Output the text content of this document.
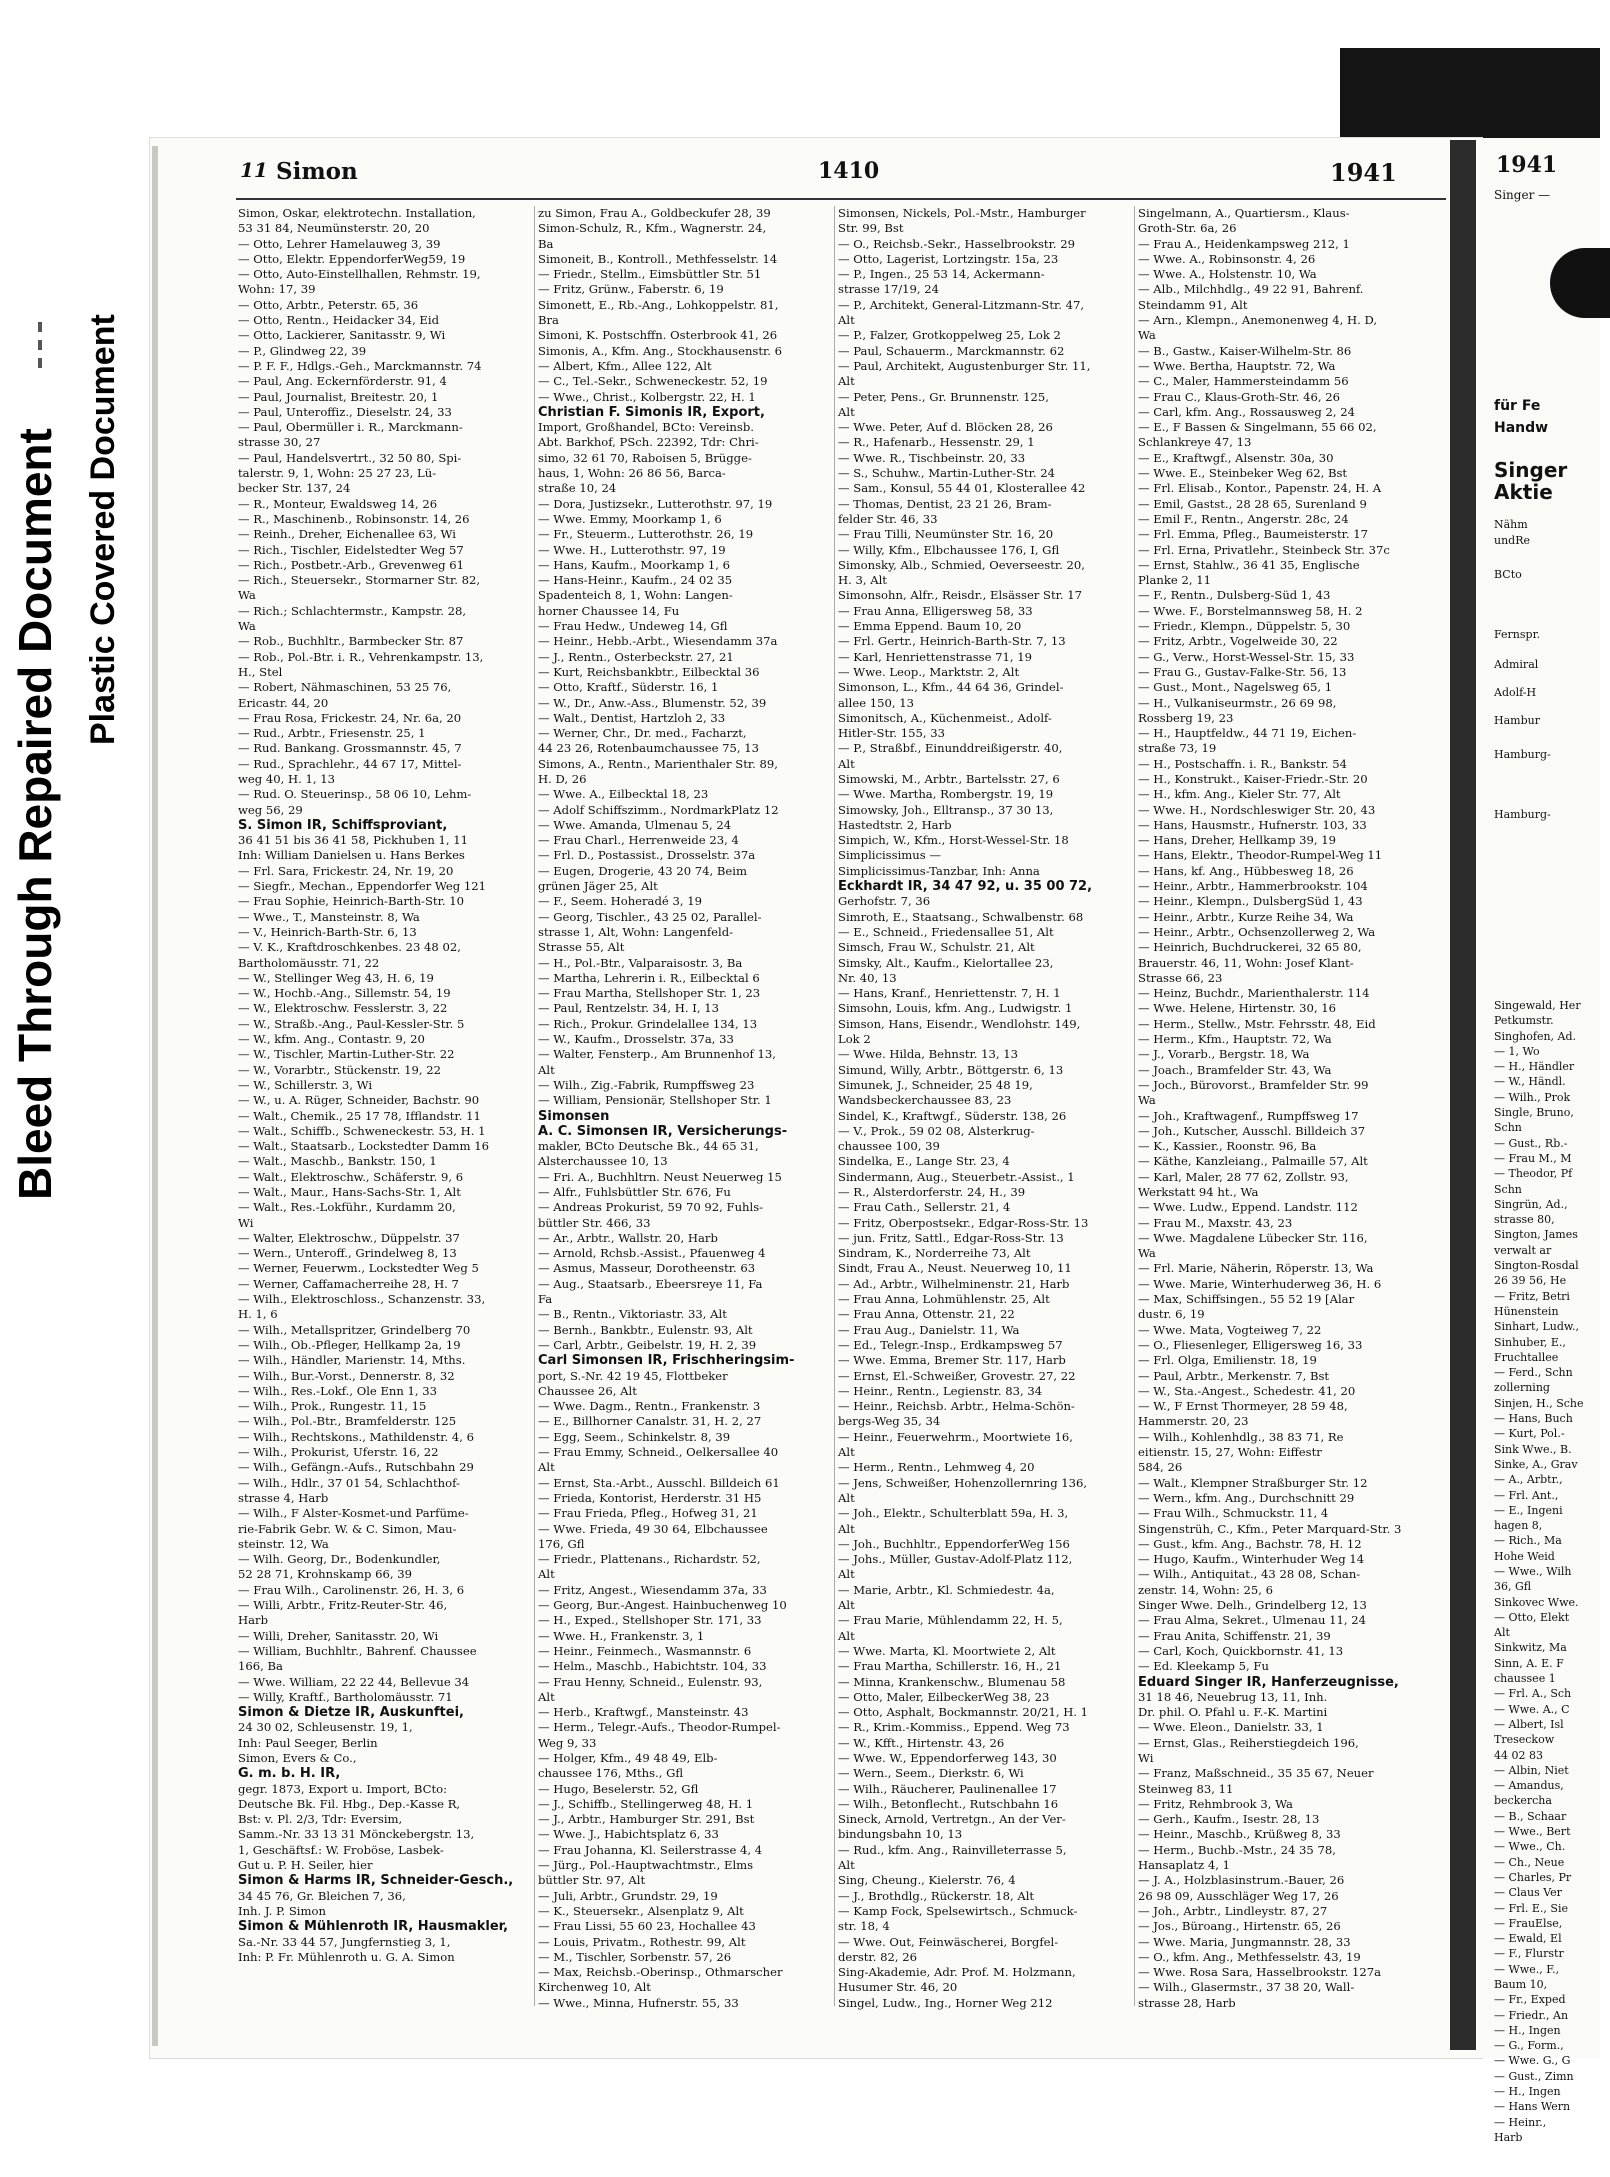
Bleed Through Repaired Document Plastic Covered Document
11 Simon	1410	1941
Simon, Oskar, elektrotechn. Installation,
53 31 84, Neumünsterstr. 20, 20
— Otto, Lehrer Hamelauweg 3, 39
— Otto, Elektr. EppendorferWeg59, 19
— Otto, Auto-Einstellhallen, Rehmstr. 19,
Wohn: 17, 39
— Otto, Arbtr., Peterstr. 65, 36
— Otto, Rentn., Heidacker 34, Eid
— Otto, Lackierer, Sanitasstr. 9, Wi
— P., Glindweg 22, 39
— P. F. F., Hdlgs.-Geh., Marckmannstr. 74
— Paul, Ang. Eckernförderstr. 91, 4
— Paul, Journalist, Breitestr. 20, 1
— Paul, Unteroffiz., Dieselstr. 24, 33
— Paul, Obermüller i. R., Marckmann-
strasse 30, 27
— Paul, Handelsvertrt., 32 50 80, Spi-
talerstr. 9, 1, Wohn: 25 27 23, Lü-
becker Str. 137, 24
— R., Monteur, Ewaldsweg 14, 26
— R., Maschinenb., Robinsonstr. 14, 26
— Reinh., Dreher, Eichenallee 63, Wi
— Rich., Tischler, Eidelstedter Weg 57
— Rich., Postbetr.-Arb., Grevenweg 61
— Rich., Steuersekr., Stormarner Str. 82,
Wa
— Rich.; Schlachtermstr., Kampstr. 28,
Wa
— Rob., Buchhltr., Barmbecker Str. 87
— Rob., Pol.-Btr. i. R., Vehrenkampstr. 13,
H., Stel
— Robert, Nähmaschinen, 53 25 76,
Ericastr. 44, 20
— Frau Rosa, Frickestr. 24, Nr. 6a, 20
— Rud., Arbtr., Friesenstr. 25, 1
— Rud. Bankang. Grossmannstr. 45, 7
— Rud., Sprachlehr., 44 67 17, Mittel-
weg 40, H. 1, 13
— Rud. O. Steuerinsp., 58 06 10, Lehm-
weg 56, 29
S. Simon IR, Schiffsproviant,
36 41 51 bis 36 41 58, Pickhuben 1, 11
Inh: William Danielsen u. Hans Berkes
— Frl. Sara, Frickestr. 24, Nr. 19, 20
— Siegfr., Mechan., Eppendorfer Weg 121
— Frau Sophie, Heinrich-Barth-Str. 10
— Wwe., T., Mansteinstr. 8, Wa
— V., Heinrich-Barth-Str. 6, 13
— V. K., Kraftdroschkenbes. 23 48 02,
Bartholomäusstr. 71, 22
— W., Stellinger Weg 43, H. 6, 19
— W., Hochb.-Ang., Sillemstr. 54, 19
— W., Elektroschw. Fesslerstr. 3, 22
— W., Straßb.-Ang., Paul-Kessler-Str. 5
— W., kfm. Ang., Contastr. 9, 20
— W., Tischler, Martin-Luther-Str. 22
— W., Vorarbtr., Stückenstr. 19, 22
— W., Schillerstr. 3, Wi
— W., u. A. Rüger, Schneider, Bachstr. 90
— Walt., Chemik., 25 17 78, Ifflandstr. 11
— Walt., Schiffb., Schweneckestr. 53, H. 1
— Walt., Staatsarb., Lockstedter Damm 16
— Walt., Maschb., Bankstr. 150, 1
— Walt., Elektroschw., Schäferstr. 9, 6
— Walt., Maur., Hans-Sachs-Str. 1, Alt
— Walt., Res.-Lokführ., Kurdamm 20,
Wi
— Walter, Elektroschw., Düppelstr. 37
— Wern., Unteroff., Grindelweg 8, 13
— Werner, Feuerwm., Lockstedter Weg 5
— Werner, Caffamacherreihe 28, H. 7
— Wilh., Elektroschloss., Schanzenstr. 33,
H. 1, 6
— Wilh., Metallspritzer, Grindelberg 70
— Wilh., Ob.-Pfleger, Hellkamp 2a, 19
— Wilh., Händler, Marienstr. 14, Mths.
— Wilh., Bur.-Vorst., Dennerstr. 8, 32
— Wilh., Res.-Lokf., Ole Enn 1, 33
— Wilh., Prok., Rungestr. 11, 15
— Wilh., Pol.-Btr., Bramfelderstr. 125
— Wilh., Rechtskons., Mathildenstr. 4, 6
— Wilh., Prokurist, Uferstr. 16, 22
— Wilh., Gefängn.-Aufs., Rutschbahn 29
— Wilh., Hdlr., 37 01 54, Schlachthof-
strasse 4, Harb
— Wilh., F Alster-Kosmet-und Parfüme-
rie-Fabrik Gebr. W. & C. Simon, Mau-
steinstr. 12, Wa
— Wilh. Georg, Dr., Bodenkundler,
52 28 71, Krohnskamp 66, 39
— Frau Wilh., Carolinenstr. 26, H. 3, 6
— Willi, Arbtr., Fritz-Reuter-Str. 46,
Harb
— Willi, Dreher, Sanitasstr. 20, Wi
— William, Buchhltr., Bahrenf. Chaussee
166, Ba
— Wwe. William, 22 22 44, Bellevue 34
— Willy, Kraftf., Bartholomäusstr. 71
Simon & Dietze IR, Auskunftei,
24 30 02, Schleusenstr. 19, 1,
Inh: Paul Seeger, Berlin
Simon, Evers & Co.,
G. m. b. H. IR,
gegr. 1873, Export u. Import, BCto:
Deutsche Bk. Fil. Hbg., Dep.-Kasse R,
Bst: v. Pl. 2/3, Tdr: Eversim,
Samm.-Nr. 33 13 31 Mönckebergstr. 13,
1, Geschäftsf.: W. Froböse, Lasbek-
Gut u. P. H. Seiler, hier
Simon & Harms IR, Schneider-Gesch.,
34 45 76, Gr. Bleichen 7, 36,
Inh. J. P. Simon
Simon & Mühlenroth IR, Hausmakler,
Sa.-Nr. 33 44 57, Jungfernstieg 3, 1,
Inh: P. Fr. Mühlenroth u. G. A. Simon
zu Simon, Frau A., Goldbeckufer 28, 39
Simon-Schulz, R., Kfm., Wagnerstr. 24,
Ba
Simoneit, B., Kontroll., Methfesselstr. 14
— Friedr., Stellm., Eimsbüttler Str. 51
— Fritz, Grünw., Faberstr. 6, 19
Simonett, E., Rb.-Ang., Lohkoppelstr. 81,
Bra
Simoni, K. Postschffn. Osterbrook 41, 26
Simonis, A., Kfm. Ang., Stockhausenstr. 6
— Albert, Kfm., Allee 122, Alt
— C., Tel.-Sekr., Schweneckestr. 52, 19
— Wwe., Christ., Kolbergstr. 22, H. 1
Christian F. Simonis IR, Export,
Import, Großhandel, BCto: Vereinsb.
Abt. Barkhof, PSch. 22392, Tdr: Chri-
simo, 32 61 70, Raboisen 5, Brügge-
haus, 1, Wohn: 26 86 56, Barca-
straße 10, 24
— Dora, Justizsekr., Lutterothstr. 97, 19
— Wwe. Emmy, Moorkamp 1, 6
— Fr., Steuerm., Lutterothstr. 26, 19
— Wwe. H., Lutterothstr. 97, 19
— Hans, Kaufm., Moorkamp 1, 6
— Hans-Heinr., Kaufm., 24 02 35
Spadenteich 8, 1, Wohn: Langen-
horner Chaussee 14, Fu
— Frau Hedw., Undeweg 14, Gfl
— Heinr., Hebb.-Arbt., Wiesendamm 37a
— J., Rentn., Osterbeckstr. 27, 21
— Kurt, Reichsbankbtr., Eilbecktal 36
— Otto, Kraftf., Süderstr. 16, 1
— W., Dr., Anw.-Ass., Blumenstr. 52, 39
— Walt., Dentist, Hartzloh 2, 33
— Werner, Chr., Dr. med., Facharzt,
44 23 26, Rotenbaumchaussee 75, 13
Simons, A., Rentn., Marienthaler Str. 89,
H. D, 26
— Wwe. A., Eilbecktal 18, 23
— Adolf Schiffszimm., NordmarkPlatz 12
— Wwe. Amanda, Ulmenau 5, 24
— Frau Charl., Herrenweide 23, 4
— Frl. D., Postassist., Drosselstr. 37a
— Eugen, Drogerie, 43 20 74, Beim
grünen Jäger 25, Alt
— F., Seem. Hoheradé 3, 19
— Georg, Tischler., 43 25 02, Parallel-
strasse 1, Alt, Wohn: Langenfeld-
Strasse 55, Alt
— H., Pol.-Btr., Valparaisostr. 3, Ba
— Martha, Lehrerin i. R., Eilbecktal 6
— Frau Martha, Stellshoper Str. 1, 23
— Paul, Rentzelstr. 34, H. I, 13
— Rich., Prokur. Grindelallee 134, 13
— W., Kaufm., Drosselstr. 37a, 33
— Walter, Fensterp., Am Brunnenhof 13,
Alt
— Wilh., Zig.-Fabrik, Rumpffsweg 23
— William, Pensionär, Stellshoper Str. 1
Simonsen
A. C. Simonsen IR, Versicherungs-
makler, BCto Deutsche Bk., 44 65 31,
Alsterchaussee 10, 13
— Fri. A., Buchhltrn. Neust Neuerweg 15
— Alfr., Fuhlsbüttler Str. 676, Fu
— Andreas Prokurist, 59 70 92, Fuhls-
büttler Str. 466, 33
— Ar., Arbtr., Wallstr. 20, Harb
— Arnold, Rchsb.-Assist., Pfauenweg 4
— Asmus, Masseur, Dorotheenstr. 63
— Aug., Staatsarb., Ebeersreye 11, Fa
Fa
— B., Rentn., Viktoriastr. 33, Alt
— Bernh., Bankbtr., Eulenstr. 93, Alt
— Carl, Arbtr., Geibelstr. 19, H. 2, 39
Carl Simonsen IR, Frischheringsim-
port, S.-Nr. 42 19 45, Flottbeker
Chaussee 26, Alt
— Wwe. Dagm., Rentn., Frankenstr. 3
— E., Billhorner Canalstr. 31, H. 2, 27
— Egg, Seem., Schinkelstr. 8, 39
— Frau Emmy, Schneid., Oelkersallee 40
Alt
— Ernst, Sta.-Arbt., Ausschl. Billdeich 61
— Frieda, Kontorist, Herderstr. 31 H5
— Frau Frieda, Pfleg., Hofweg 31, 21
— Wwe. Frieda, 49 30 64, Elbchaussee
176, Gfl
— Friedr., Plattenans., Richardstr. 52,
Alt
— Fritz, Angest., Wiesendamm 37a, 33
— Georg, Bur.-Angest. Hainbuchenweg 10
— H., Exped., Stellshoper Str. 171, 33
— Wwe. H., Frankenstr. 3, 1
— Heinr., Feinmech., Wasmannstr. 6
— Helm., Maschb., Habichtstr. 104, 33
— Frau Henny, Schneid., Eulenstr. 93,
Alt
— Herb., Kraftwgf., Mansteinstr. 43
— Herm., Telegr.-Aufs., Theodor-Rumpel-
Weg 9, 33
— Holger, Kfm., 49 48 49, Elb-
chaussee 176, Mths., Gfl
— Hugo, Beselerstr. 52, Gfl
— J., Schiffb., Stellingerweg 48, H. 1
— J., Arbtr., Hamburger Str. 291, Bst
— Wwe. J., Habichtsplatz 6, 33
— Frau Johanna, Kl. Seilerstrasse 4, 4
— Jürg., Pol.-Hauptwachtmstr., Elms
büttler Str. 97, Alt
— Juli, Arbtr., Grundstr. 29, 19
— K., Steuersekr., Alsenplatz 9, Alt
— Frau Lissi, 55 60 23, Hochallee 43
— Louis, Privatm., Rothestr. 99, Alt
— M., Tischler, Sorbenstr. 57, 26
— Max, Reichsb.-Oberinsp., Othmarscher
Kirchenweg 10, Alt
— Wwe., Minna, Hufnerstr. 55, 33
Simonsen, Nickels, Pol.-Mstr., Hamburger
Str. 99, Bst
— O., Reichsb.-Sekr., Hasselbrookstr. 29
— Otto, Lagerist, Lortzingstr. 15a, 23
— P., Ingen., 25 53 14, Ackermann-
strasse 17/19, 24
— P., Architekt, General-Litzmann-Str. 47,
Alt
— P., Falzer, Grotkoppelweg 25, Lok 2
— Paul, Schauerm., Marckmannstr. 62
— Paul, Architekt, Augustenburger Str. 11,
Alt
— Peter, Pens., Gr. Brunnenstr. 125,
Alt
— Wwe. Peter, Auf d. Blöcken 28, 26
— R., Hafenarb., Hessenstr. 29, 1
— Wwe. R., Tischbeinstr. 20, 33
— S., Schuhw., Martin-Luther-Str. 24
— Sam., Konsul, 55 44 01, Klosterallee 42
— Thomas, Dentist, 23 21 26, Bram-
felder Str. 46, 33
— Frau Tilli, Neumünster Str. 16, 20
— Willy, Kfm., Elbchaussee 176, I, Gfl
Simonsky, Alb., Schmied, Oeverseestr. 20,
H. 3, Alt
Simonsohn, Alfr., Reisdr., Elsässer Str. 17
— Frau Anna, Elligersweg 58, 33
— Emma Eppend. Baum 10, 20
— Frl. Gertr., Heinrich-Barth-Str. 7, 13
— Karl, Henriettenstrasse 71, 19
— Wwe. Leop., Marktstr. 2, Alt
Simonson, L., Kfm., 44 64 36, Grindel-
allee 150, 13
Simonitsch, A., Küchenmeist., Adolf-
Hitler-Str. 155, 33
— P., Straßbf., Einunddreißigerstr. 40,
Alt
Simowski, M., Arbtr., Bartelsstr. 27, 6
— Wwe. Martha, Rombergstr. 19, 19
Simowsky, Joh., Elltransp., 37 30 13,
Hastedtstr. 2, Harb
Simpich, W., Kfm., Horst-Wessel-Str. 18
Simplicissimus —
Simplicissimus-Tanzbar, Inh: Anna
Eckhardt IR, 34 47 92, u. 35 00 72,
Gerhofstr. 7, 36
Simroth, E., Staatsang., Schwalbenstr. 68
— E., Schneid., Friedensallee 51, Alt
Simsch, Frau W., Schulstr. 21, Alt
Simsky, Alt., Kaufm., Kielortallee 23,
Nr. 40, 13
— Hans, Kranf., Henriettenstr. 7, H. 1
Simsohn, Louis, kfm. Ang., Ludwigstr. 1
Simson, Hans, Eisendr., Wendlohstr. 149,
Lok 2
— Wwe. Hilda, Behnstr. 13, 13
Simund, Willy, Arbtr., Böttgerstr. 6, 13
Simunek, J., Schneider, 25 48 19,
Wandsbeckerchaussee 83, 23
Sindel, K., Kraftwgf., Süderstr. 138, 26
— V., Prok., 59 02 08, Alsterkrug-
chaussee 100, 39
Sindelka, E., Lange Str. 23, 4
Sindermann, Aug., Steuerbetr.-Assist., 1
— R., Alsterdorferstr. 24, H., 39
— Frau Cath., Sellerstr. 21, 4
— Fritz, Oberpostsekr., Edgar-Ross-Str. 13
— jun. Fritz, Sattl., Edgar-Ross-Str. 13
Sindram, K., Norderreihe 73, Alt
Sindt, Frau A., Neust. Neuerweg 10, 11
— Ad., Arbtr., Wilhelminenstr. 21, Harb
— Frau Anna, Lohmühlenstr. 25, Alt
— Frau Anna, Ottenstr. 21, 22
— Frau Aug., Danielstr. 11, Wa
— Ed., Telegr.-Insp., Erdkampsweg 57
— Wwe. Emma, Bremer Str. 117, Harb
— Ernst, El.-Schweißer, Grovestr. 27, 22
— Heinr., Rentn., Legienstr. 83, 34
— Heinr., Reichsb. Arbtr., Helma-Schön-
bergs-Weg 35, 34
— Heinr., Feuerwehrm., Moortwiete 16,
Alt
— Herm., Rentn., Lehmweg 4, 20
— Jens, Schweißer, Hohenzollernring 136,
Alt
— Joh., Elektr., Schulterblatt 59a, H. 3,
Alt
— Joh., Buchhltr., EppendorferWeg 156
— Johs., Müller, Gustav-Adolf-Platz 112,
Alt
— Marie, Arbtr., Kl. Schmiedestr. 4a,
Alt
— Frau Marie, Mühlendamm 22, H. 5,
Alt
— Wwe. Marta, Kl. Moortwiete 2, Alt
— Frau Martha, Schillerstr. 16, H., 21
— Minna, Krankenschw., Blumenau 58
— Otto, Maler, EilbeckerWeg 38, 23
— Otto, Asphalt, Bockmannstr. 20/21, H. 1
— R., Krim.-Kommiss., Eppend. Weg 73
— W., Kfft., Hirtenstr. 43, 26
— Wwe. W., Eppendorferweg 143, 30
— Wern., Seem., Dierkstr. 6, Wi
— Wilh., Räucherer, Paulinenallee 17
— Wilh., Betonflecht., Rutschbahn 16
Sineck, Arnold, Vertretgn., An der Ver-
bindungsbahn 10, 13
— Rud., kfm. Ang., Rainvilleterrasse 5,
Alt
Sing, Cheung., Kielerstr. 76, 4
— J., Brothdlg., Rückerstr. 18, Alt
— Kamp Fock, Spelsewirtsch., Schmuck-
str. 18, 4
— Wwe. Out, Feinwäscherei, Borgfel-
derstr. 82, 26
Sing-Akademie, Adr. Prof. M. Holzmann,
Husumer Str. 46, 20
Singel, Ludw., Ing., Horner Weg 212
Singelmann, A., Quartiersm., Klaus-
Groth-Str. 6a, 26
— Frau A., Heidenkampsweg 212, 1
— Wwe. A., Robinsonstr. 4, 26
— Wwe. A., Holstenstr. 10, Wa
— Alb., Milchhdlg., 49 22 91, Bahrenf.
Steindamm 91, Alt
— Arn., Klempn., Anemonenweg 4, H. D,
Wa
— B., Gastw., Kaiser-Wilhelm-Str. 86
— Wwe. Bertha, Hauptstr. 72, Wa
— C., Maler, Hammersteindamm 56
— Frau C., Klaus-Groth-Str. 46, 26
— Carl, kfm. Ang., Rossausweg 2, 24
— E., F Bassen & Singelmann, 55 66 02,
Schlankreye 47, 13
— E., Kraftwgf., Alsenstr. 30a, 30
— Wwe. E., Steinbeker Weg 62, Bst
— Frl. Elisab., Kontor., Papenstr. 24, H. A
— Emil, Gastst., 28 28 65, Surenland 9
— Emil F., Rentn., Angerstr. 28c, 24
— Frl. Emma, Pfleg., Baumeisterstr. 17
— Frl. Erna, Privatlehr., Steinbeck Str. 37c
— Ernst, Stahlw., 36 41 35, Englische
Planke 2, 11
— F., Rentn., Dulsberg-Süd 1, 43
— Wwe. F., Borstelmannsweg 58, H. 2
— Friedr., Klempn., Düppelstr. 5, 30
— Fritz, Arbtr., Vogelweide 30, 22
— G., Verw., Horst-Wessel-Str. 15, 33
— Frau G., Gustav-Falke-Str. 56, 13
— Gust., Mont., Nagelsweg 65, 1
— H., Vulkaniseurmstr., 26 69 98,
Rossberg 19, 23
— H., Hauptfeldw., 44 71 19, Eichen-
straße 73, 19
— H., Postschaffn. i. R., Bankstr. 54
— H., Konstrukt., Kaiser-Friedr.-Str. 20
— H., kfm. Ang., Kieler Str. 77, Alt
— Wwe. H., Nordschleswiger Str. 20, 43
— Hans, Hausmstr., Hufnerstr. 103, 33
— Hans, Dreher, Hellkamp 39, 19
— Hans, Elektr., Theodor-Rumpel-Weg 11
— Hans, kf. Ang., Hübbesweg 18, 26
— Heinr., Arbtr., Hammerbrookstr. 104
— Heinr., Klempn., DulsbergSüd 1, 43
— Heinr., Arbtr., Kurze Reihe 34, Wa
— Heinr., Arbtr., Ochsenzollerweg 2, Wa
— Heinrich, Buchdruckerei, 32 65 80,
Brauerstr. 46, 11, Wohn: Josef Klant-
Strasse 66, 23
— Heinz, Buchdr., Marienthalerstr. 114
— Wwe. Helene, Hirtenstr. 30, 16
— Herm., Stellw., Mstr. Fehrsstr. 48, Eid
— Herm., Kfm., Hauptstr. 72, Wa
— J., Vorarb., Bergstr. 18, Wa
— Joach., Bramfelder Str. 43, Wa
— Joch., Bürovorst., Bramfelder Str. 99
Wa
— Joh., Kraftwagenf., Rumpffsweg 17
— Joh., Kutscher, Ausschl. Billdeich 37
— K., Kassier., Roonstr. 96, Ba
— Käthe, Kanzleiang., Palmaille 57, Alt
— Karl, Maler, 28 77 62, Zollstr. 93,
Werkstatt 94 ht., Wa
— Wwe. Ludw., Eppend. Landstr. 112
— Frau M., Maxstr. 43, 23
— Wwe. Magdalene Lübecker Str. 116,
Wa
— Frl. Marie, Näherin, Röperstr. 13, Wa
— Wwe. Marie, Winterhuderweg 36, H. 6
— Max, Schiffsingen., 55 52 19 [Alar
dustr. 6, 19
— Wwe. Mata, Vogteiweg 7, 22
— O., Fliesenleger, Elligersweg 16, 33
— Frl. Olga, Emilienstr. 18, 19
— Paul, Arbtr., Merkenstr. 7, Bst
— W., Sta.-Angest., Schedestr. 41, 20
— W., F Ernst Thormeyer, 28 59 48,
Hammerstr. 20, 23
— Wilh., Kohlenhdlg., 38 83 71, Re
eitienstr. 15, 27, Wohn: Eiffestr
584, 26
— Walt., Klempner Straßburger Str. 12
— Wern., kfm. Ang., Durchschnitt 29
— Frau Wilh., Schmuckstr. 11, 4
Singenstrüh, C., Kfm., Peter Marquard-Str. 3
— Gust., kfm. Ang., Bachstr. 78, H. 12
— Hugo, Kaufm., Winterhuder Weg 14
— Wilh., Antiquitat., 43 28 08, Schan-
zenstr. 14, Wohn: 25, 6
Singer Wwe. Delh., Grindelberg 12, 13
— Frau Alma, Sekret., Ulmenau 11, 24
— Frau Anita, Schiffenstr. 21, 39
— Carl, Koch, Quickbornstr. 41, 13
— Ed. Kleekamp 5, Fu
Eduard Singer IR, Hanferzeugnisse,
31 18 46, Neuebrug 13, 11, Inh.
Dr. phil. O. Pfahl u. F.-K. Martini
— Wwe. Eleon., Danielstr. 33, 1
— Ernst, Glas., Reiherstiegdeich 196,
Wi
— Franz, Maßschneid., 35 35 67, Neuer
Steinweg 83, 11
— Fritz, Rehmbrook 3, Wa
— Gerh., Kaufm., Isestr. 28, 13
— Heinr., Maschb., Krüßweg 8, 33
— Herm., Buchb.-Mstr., 24 35 78,
Hansaplatz 4, 1
— J. A., Holzblasinstrum.-Bauer, 26
26 98 09, Ausschläger Weg 17, 26
— Joh., Arbtr., Lindleystr. 87, 27
— Jos., Büroang., Hirtenstr. 65, 26
— Wwe. Maria, Jungmannstr. 28, 33
— O., kfm. Ang., Methfesselstr. 43, 19
— Wwe. Rosa Sara, Hasselbrookstr. 127a
— Wilh., Glasermstr., 37 38 20, Wall-
strasse 28, Harb
1941
Singer —
für Fe
Handw
Singer
Aktie
Nähm
undRe
BCto
Fernspr.
Admiral
Adolf-H
Hambur
Hamburg-
Hamburg-
Singewald, Her
Petkumstr.
Singhofen, Ad.
— 1, Wo
— H., Händler
— W., Händl.
— Wilh., Prok
Single, Bruno,
Schn
— Gust., Rb.-
— Frau M., M
— Theodor, Pf
Schn
Singrün, Ad.,
strasse 80,
Sington, James
verwalt ar
Sington-Rosdal
26 39 56, He
— Fritz, Betri
Hünenstein
Sinhart, Ludw.,
Sinhuber, E.,
Fruchtallee
— Ferd., Schn
zollerning
Sinjen, H., Sche
— Hans, Buch
— Kurt, Pol.-
Sink Wwe., B.
Sinke, A., Grav
— A., Arbtr.,
— Frl. Ant.,
— E., Ingeni
hagen 8,
— Rich., Ma
Hohe Weid
— Wwe., Wilh
36, Gfl
Sinkovec Wwe.
— Otto, Elekt
Alt
Sinkwitz, Ma
Sinn, A. E. F
chaussee 1
— Frl. A., Sch
— Wwe. A., C
— Albert, Isl
Treseckow
44 02 83
— Albin, Niet
— Amandus,
beckercha
— B., Schaar
— Wwe., Bert
— Wwe., Ch.
— Ch., Neue
— Charles, Pr
— Claus Ver
— Frl. E., Sie
— FrauElse,
— Ewald, El
— F., Flurstr
— Wwe., F.,
Baum 10,
— Fr., Exped
— Friedr., An
— H., Ingen
— G., Form.,
— Wwe. G., G
— Gust., Zimn
— H., Ingen
— Hans Wern
— Heinr.,
Harb
